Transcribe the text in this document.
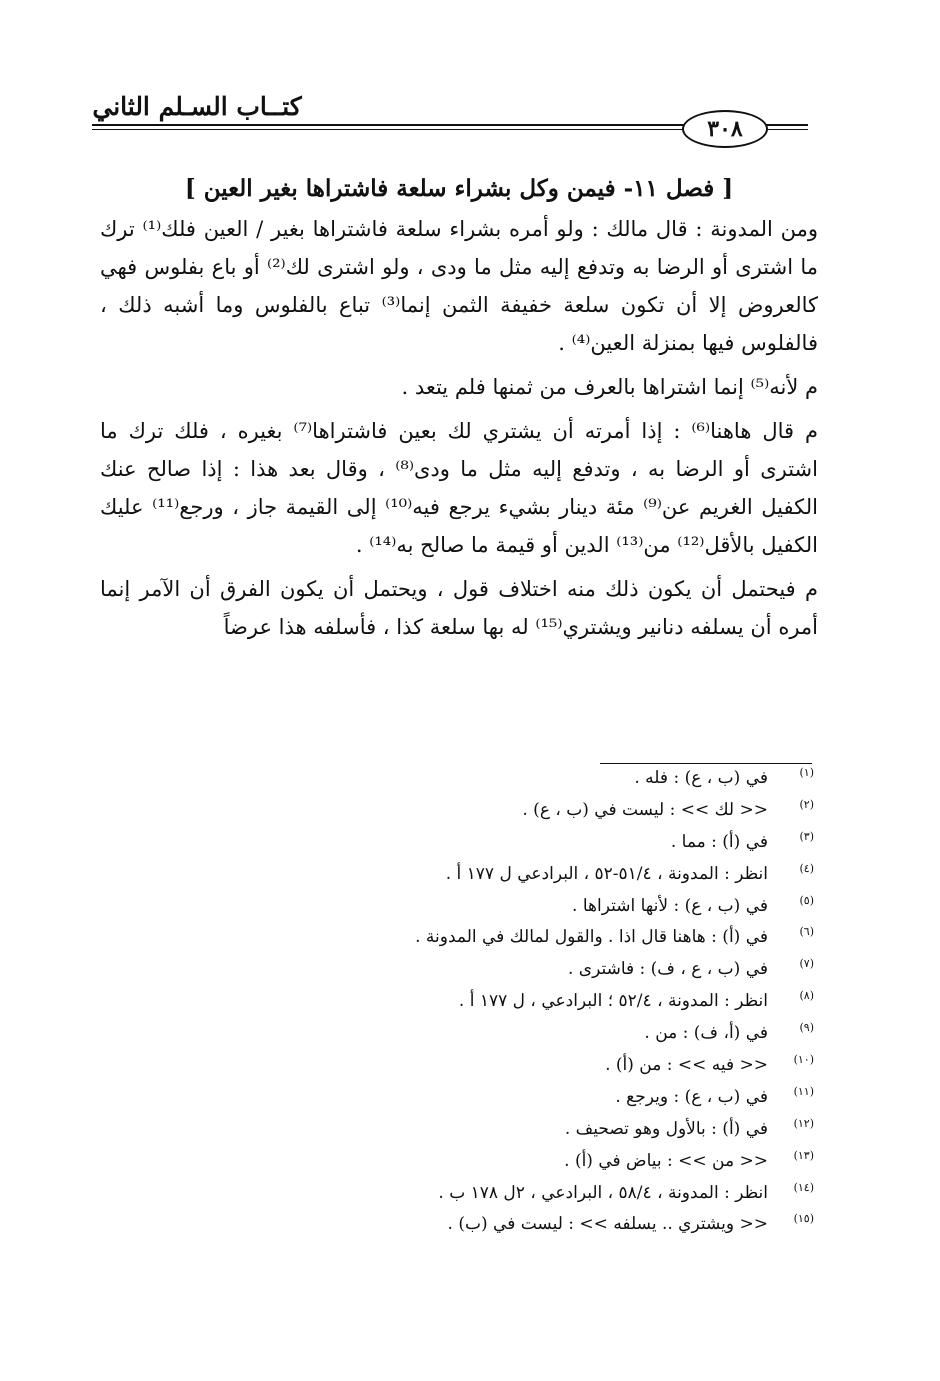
كتــاب السـلم الثاني
٣٠٨
[ فصل ١١- فيمن وكل بشراء سلعة فاشتراها بغير العين ]

ومن المدونة : قال مالك : ولو أمره بشراء سلعة فاشتراها بغير / العين فلك⁽¹⁾ ترك ما اشترى أو الرضا به وتدفع إليه مثل ما ودى ، ولو اشترى لك⁽²⁾ أو باع بفلوس فهي كالعروض إلا أن تكون سلعة خفيفة الثمن إنما⁽³⁾ تباع بالفلوس وما أشبه ذلك ، فالفلوس فيها بمنزلة العين⁽⁴⁾ .

م لأنه⁽⁵⁾ إنما اشتراها بالعرف من ثمنها فلم يتعد .

م قال هاهنا⁽⁶⁾ : إذا أمرته أن يشتري لك بعين فاشتراها⁽⁷⁾ بغيره ، فلك ترك ما اشترى أو الرضا به ، وتدفع إليه مثل ما ودى⁽⁸⁾ ، وقال بعد هذا : إذا صالح عنك الكفيل الغريم عن⁽⁹⁾ مئة دينار بشيء يرجع فيه⁽¹⁰⁾ إلى القيمة جاز ، ورجع⁽¹¹⁾ عليك الكفيل بالأقل⁽¹²⁾ من⁽¹³⁾ الدين أو قيمة ما صالح به⁽¹⁴⁾ .

م فيحتمل أن يكون ذلك منه اختلاف قول ، ويحتمل أن يكون الفرق أن الآمر إنما أمره أن يسلفه دنانير ويشتري⁽¹⁵⁾ له بها سلعة كذا ، فأسلفه هذا عرضاً

(١)
في (ب ، ع) : فله .
(٢)
<< لك >> : ليست في (ب ، ع) .
(٣)
في (أ) : مما .
(٤)
انظر : المدونة ، ٥١/٤-٥٢ ، البرادعي ل ١٧٧ أ .
(٥)
في (ب ، ع) : لأنها اشتراها .
(٦)
في (أ) : هاهنا قال اذا . والقول لمالك في المدونة .
(٧)
في (ب ، ع ، ف) : فاشترى .
(٨)
انظر : المدونة ، ٥٢/٤ ؛ البرادعي ، ل ١٧٧ أ .
(٩)
في (أ، ف) : من .
(١٠)
<< فيه >> : من (أ) .
(١١)
في (ب ، ع) : ويرجع .
(١٢)
في (أ) : بالأول وهو تصحيف .
(١٣)
<< من >> : بياض في (أ) .
(١٤)
انظر : المدونة ، ٥٨/٤ ، البرادعي ، ٢ل ١٧٨ ب .
(١٥)
<< ويشتري .. يسلفه >> : ليست في (ب) .
